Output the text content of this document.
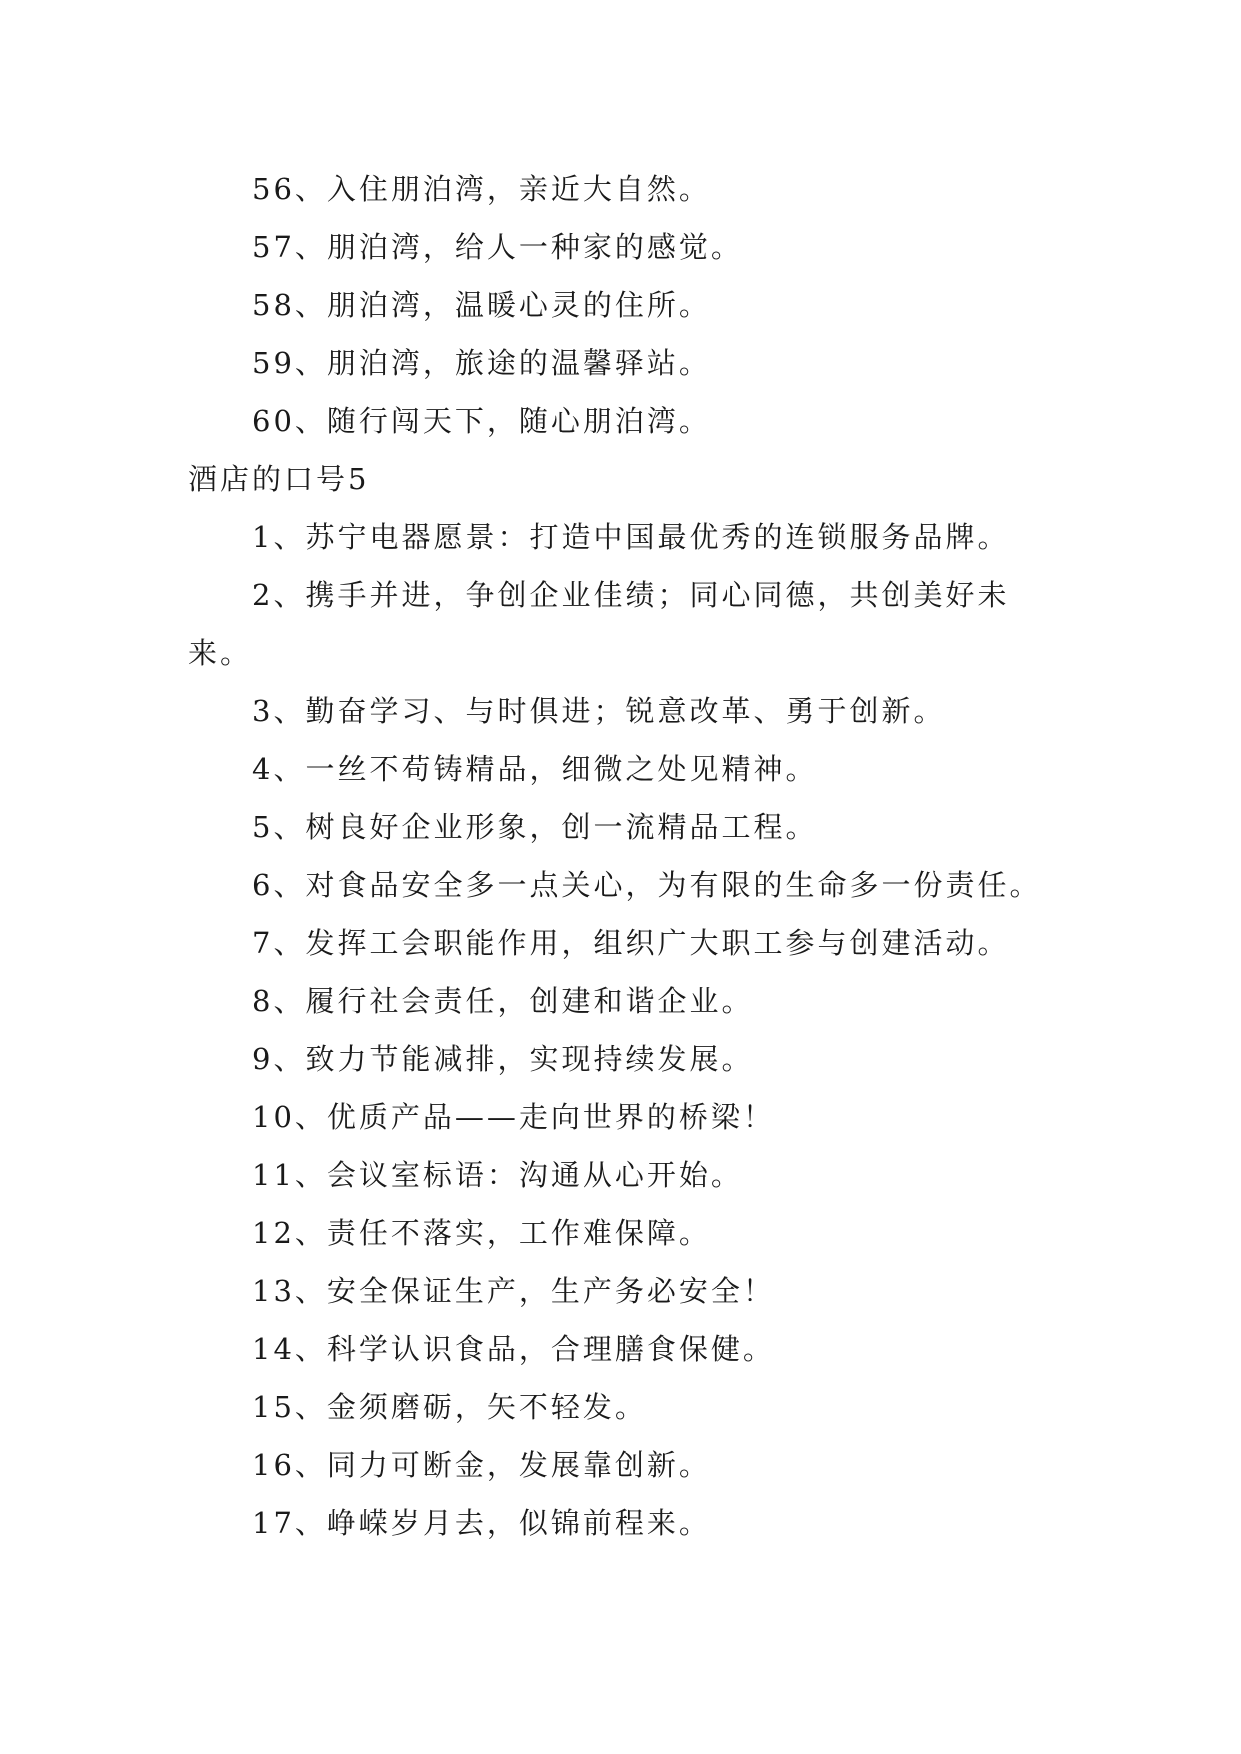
56、入住朋泊湾，亲近大自然。

57、朋泊湾，给人一种家的感觉。

58、朋泊湾，温暖心灵的住所。

59、朋泊湾，旅途的温馨驿站。

60、随行闯天下，随心朋泊湾。

酒店的口号5

1、苏宁电器愿景：打造中国最优秀的连锁服务品牌。

2、携手并进，争创企业佳绩；同心同德，共创美好未来。

3、勤奋学习、与时俱进；锐意改革、勇于创新。

4、一丝不苟铸精品，细微之处见精神。

5、树良好企业形象，创一流精品工程。

6、对食品安全多一点关心，为有限的生命多一份责任。

7、发挥工会职能作用，组织广大职工参与创建活动。

8、履行社会责任，创建和谐企业。

9、致力节能减排，实现持续发展。

10、优质产品——走向世界的桥梁！

11、会议室标语：沟通从心开始。

12、责任不落实，工作难保障。

13、安全保证生产，生产务必安全！

14、科学认识食品，合理膳食保健。

15、金须磨砺，矢不轻发。

16、同力可断金，发展靠创新。

17、峥嵘岁月去，似锦前程来。
